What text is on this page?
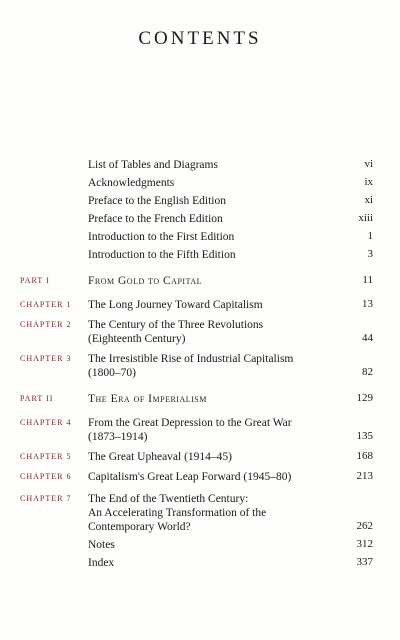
CONTENTS
List of Tables and Diagrams	vi
Acknowledgments	ix
Preface to the English Edition	xi
Preface to the French Edition	xiii
Introduction to the First Edition	1
Introduction to the Fifth Edition	3
PART I	From Gold to Capital	11
CHAPTER 1	The Long Journey Toward Capitalism	13
CHAPTER 2	The Century of the Three Revolutions
(Eighteenth Century)	44
CHAPTER 3	The Irresistible Rise of Industrial Capitalism
(1800–70)	82
PART II	The Era of Imperialism	129
CHAPTER 4	From the Great Depression to the Great War
(1873–1914)	135
CHAPTER 5	The Great Upheaval (1914–45)	168
CHAPTER 6	Capitalism's Great Leap Forward (1945–80)	213
CHAPTER 7	The End of the Twentieth Century:
An Accelerating Transformation of the
Contemporary World?	262
Notes	312
Index	337
